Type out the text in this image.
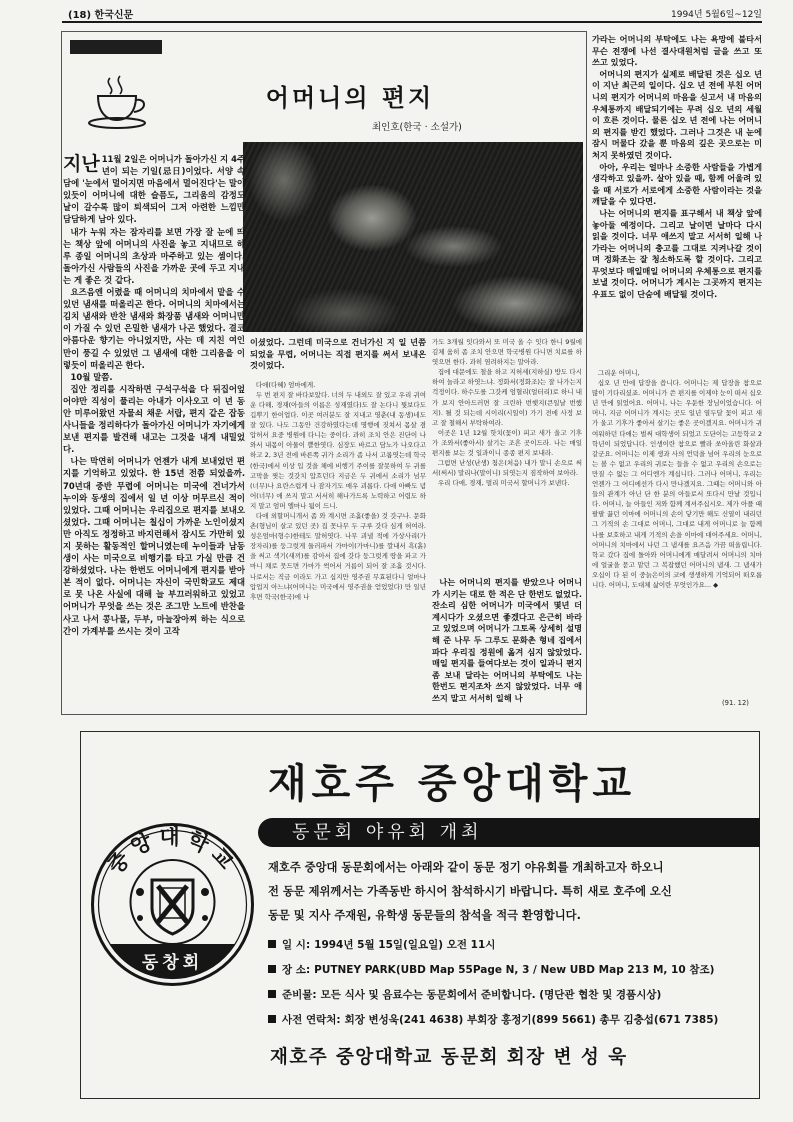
(18) 한국신문	1994년 5월6일~12일
어머니의 편지
최인호(한국 · 소설가)

지난 11월 2일은 어머니가 돌아가신 지 4주년이 되는 기일(忌日)이었다. 서양 속담에 '눈에서 멀어지면 마음에서 멀어진다'는 말이 있듯이 어머니에 대한 슬픔도, 그리움의 감정도 날이 갈수록 많이 퇴색되어 그저 아련한 느낌만 담담하게 남아 있다.

내가 누워 자는 잠자리를 보면 가장 잘 눈에 띄는 책상 앞에 어머니의 사진을 놓고 지내므로 하루 종일 어머니의 초상과 마주하고 있는 셈이다. 돌아가신 사람들의 사진을 가까운 곳에 두고 지내는 게 좋은 것 같다.

요즈음엔 어렸을 때 어머니의 치마에서 맡을 수 있던 냄새를 떠올리곤 한다. 어머니의 치마에서는 김치 냄새와 반찬 냄새와 화장품 냄새와 어머니만이 가질 수 있던 은밀한 냄새가 나곤 했었다. 결코 아름다운 향기는 아니었지만, 사는 데 지친 여인만이 풍길 수 있었던 그 냄새에 대한 그리움을 이렇듯이 떠올리곤 한다.

10월 말쯤.

집안 정리를 시작하면 구석구석을 다 뒤집어엎어야만 직성이 풀리는 아내가 이사오고 이 년 동안 미루어왔던 자물쇠 채운 서랍, 편지 같은 잡동사니들을 정리하다가 돌아가신 어머니가 자기에게 보낸 편지를 발견해 내고는 그것을 내게 내밀었다.

나는 막연히 어머니가 언젠가 내게 보내었던 편지를 기억하고 있었다. 한 15년 전쯤 되었을까. 70년대 중반 무렵에 어머니는 미국에 건너가서 누이와 동생의 집에서 일 년 이상 머무르신 적이 있었다. 그때 어머니는 우리집으로 편지를 보내오셨었다. 그때 어머니는 칠십이 가까운 노인이셨지만 아직도 정정하고 바지런해서 잠시도 가만히 있지 못하는 활동적인 할머니였는데 누이들과 남동생이 사는 미국으로 비행기를 타고 가실 만큼 건강하셨었다. 나는 한번도 어머니에게 편지를 받아본 적이 없다. 어머니는 자신이 국민학교도 제대로 못 나온 사실에 대해 늘 부끄러워하고 있었고 어머니가 무엇을 쓰는 것은 조그만 노트에 반찬을 사고 나서 콩나물, 두부, 마늘장아찌 하는 식으로 간이 가계부를 쓰시는 것이 고작

이셨었다. 그런데 미국으로 건너가신 지 일 년쯤 되었을 무렵, 어머니는 직접 편지를 써서 보내온 것이었다.

다애(다혜) 엄마에게.

두 번 편지 잘 바다보았다. 너의 두 내외도 잘 있고 우리 귀여운 다해, 경재(아들의 이름은 성재였다)도 잘 논다니 뭣보다도 깁뿌기 한이업다. 이곳 여러분도 잘 지내고 영춘(내 동생)네도 잘 있다. 나도 그동안 건강하였다는데 명행에 짓쳐서 몸살 겸 압허서 요중 병원에 다니는 중이다. 과히 조치 안은 진단이 나와서 내몸이 아물이 쁠한엿다. 심장도 바르고 담노가 나오다고 하고 2, 3년 전에 바른쪽 귀가 소리가 좀 나서 고롭엿는데 학국(한국)에서 이상 입 것을 체에 비행기 주이를 잘못하여 두 귀를 고막을 찟는 것갓치 압흐던다 지금은 두 귀에서 소리가 넘무(너무)나 요란스럽게 나 잠자기도 매우 괴롭다. 다애 아빠도 념어(너무) 애 쓰지 말고 서서히 해나가드록 노력하고 어렵도 하지 말고 엄머 엘마나 됨이 드니.

다애 외할머니개서 좀 와 계시면 조흘(좋을) 것 갓구나. 문화촌(형님이 살고 있던 곳) 집 꼿나무 두 구루 갓다 심게 허여라. 성은엄마(형수)한테도 말허엿다. 나무 괴낼 적에 가상사리(가장자리)를 둥그럿게 둘러파서 가마이(가마니)를 깔내서 흑(흙)을 써고 색기(새끼)를 감아서 집에 갓다 둥그럿게 땅을 파고 가마니 채로 뭇드면 가마가 썩어서 거름이 되어 잘 조흘 것시다. 나로서는 직금 이라도 가고 십지만 영주권 무효된다니 얼마나 압업지 아느냐(어머니는 미국에서 영주권을 얻었었다) 만 일년 후면 학국(한국)에 나

가도 3개월 잇다와서 또 미국 올 수 잇다 한니 9월에 김체 움히 좀 조치 안으면 학국병원 다니면 치료를 하엿으면 한다. 과히 염려하지는 말아라.

집에 대문에도 철을 하고 지허세(지하실) 방도 다시 하여 놀라고 하엿느냐. 정화서(정화조)는 잘 나가는지 걱정이다. 하수도를 그갓케 엄혈리(얼터리)로 하니 내가 보지 안아드러면 잘 크린하 번햇지(큰일날 번했지). 될 것 되는데 시이리(시일이) 가기 전에 사정 보고 잘 철해서 부탁하여라.

이곳은 1년 12월 핫치(꽃이) 피고 새가 울고 기후가 조와서(좋아서) 살기는 조흔 곳이드라. 나는 매일 편지를 보는 것 일과이니 종종 편지 보내라.

그럼면 난성(난생) 첨은(처음) 내가 말니 손으로 써서(써서) 말리나(말이니) 되엿는지 짐작하여 보아라.

우리 다애, 경재, 멀리 미국서 할머니가 보낸다.

나는 어머니의 편지를 받았으나 어머니가 시키는 대로 한 적은 단 한번도 없었다. 잔소리 심한 어머니가 미국에서 몇년 더 계시다가 오셨으면 좋겠다고 은근히 바라고 있었으며 어머니가 그토록 상세히 설명해 준 나무 두 그루도 문화촌 형네 집에서 파다 우리집 정원에 옮겨 심지 않았었다. 매일 편지를 들여다보는 것이 일과니 편지 좀 보내 달라는 어머니의 부탁에도 나는 한번도 편지조차 쓰지 않았었다. 너무 애쓰지 말고 서서히 일해 나

가라는 어머니의 부탁에도 나는 욕망에 불타서 무슨 전쟁에 나선 결사대원처럼 글을 쓰고 또 쓰고 있었다.

어머니의 편지가 실제로 배달된 것은 십오 년이 지난 최근의 일이다. 십오 년 전에 부친 어머니의 편지가 어머니의 마음을 싣고서 내 마음의 우체통까지 배달되기에는 무려 십오 년의 세월이 흐른 것이다. 물론 십오 년 전에 나는 어머니의 편지를 받긴 했었다. 그러나 그것은 내 눈에 잠시 머물다 갔을 뿐 마음의 깊은 곳으로는 미처지 못하였던 것이다.

아아, 우리는 얼마나 소중한 사람들을 가볍게 생각하고 있을까. 살아 있을 때, 함께 어울려 있을 때 서로가 서로에게 소중한 사람이라는 것을 깨달을 수 있다면.

나는 어머니의 편지를 표구해서 내 책상 앞에 놓아둘 예정이다. 그리고 날이면 날마다 다시 읽을 것이다. 너무 애쓰지 말고 서서히 일해 나가라는 어머니의 충고를 그대로 지켜나갈 것이며 정화조는 잘 청소하도록 할 것이다. 그리고 무엇보다 매일매일 어머니의 우체통으로 편지를 보낼 것이다. 어머니가 계시는 그곳까지 편지는 우표도 없이 단숨에 배달될 것이다.

그리운 어머니,

십오 년 만에 답장을 씁니다. 어머니는 제 답장을 참으로 많이 기다리셨죠. 어머니가 쓴 편지를 이제야 눈이 떠서 십오 년 만에 읽었어요. 어머니, 나는 우둔한 장님이었습니다. 어머니, 지금 어머니가 계시는 곳도 일년 열두달 꽃이 피고 새가 울고 기후가 좋아서 살기는 좋은 곳이겠지요. 어머니가 귀여워하던 다애는 벌써 대학생이 되었고 도단이는 고등학교 2학년이 되었답니다. 인생이란 참으로 빨라 쏘아올린 화살과 같군요. 어머니는 이제 생과 사의 언덕을 넘어 우리의 눈으로는 볼 수 없고 우리의 귀로는 들을 수 없고 우리의 손으로는 만질 수 없는 그 어디엔가 계십니다. 그러나 어머니, 우리는 언젠가 그 어디에선가 다시 만나겠지요. 그때는 어머니와 아들의 관계가 아닌 단 한 분의 아들로서 또다시 만날 것입니다. 어머니, 늘 아들인 저와 함께 계셔주십시오. 제가 아플 때 팔팔 끓던 이마에 어머니의 손이 닿기만 해도 신열이 내리던 그 기적의 손 그대로 어머니, 그대로 내게 어머니로 늘 함께 나를 보호하고 내게 기적의 손을 이마에 대어주세요. 어머니, 어머니의 치마에서 나던 그 냄새를 요즈음 가끔 떠올립니다. 학교 갔다 집에 돌아와 어머니에게 매달려서 어머니의 치마에 얼굴을 묻고 맡던 그 복잡했던 어머니의 냄새. 그 냄새가 오십이 다 된 이 중늙은이의 코에 생생하게 기억되어 떠오릅니다. 어머니, 도대체 삶이란 무엇인가요... ◆

(91. 12)
재호주 중앙대학교
동문회 야유회 개최
중앙대학교
동창회
재호주 중앙대 동문회에서는 아래와 같이 동문 정기 야유회를 개최하고자 하오니
전 동문 제위께서는 가족동반 하시어 참석하시기 바랍니다. 특히 새로 호주에 오신
동문 및 지사 주재원, 유학생 동문들의 참석을 적극 환영합니다.
일 시: 1994년 5월 15일(일요일) 오전 11시
장 소: PUTNEY PARK(UBD Map 55Page N, 3 / New UBD Map 213 M, 10 참조)
준비물: 모든 식사 및 음료수는 동문회에서 준비합니다. (명단관 협찬 및 경품시상)
사전 연락처: 회장 변성욱(241 4638) 부회장 홍정기(899 5661) 총무 김충섭(671 7385)
재호주 중앙대학교 동문회 회장 변 성 욱
